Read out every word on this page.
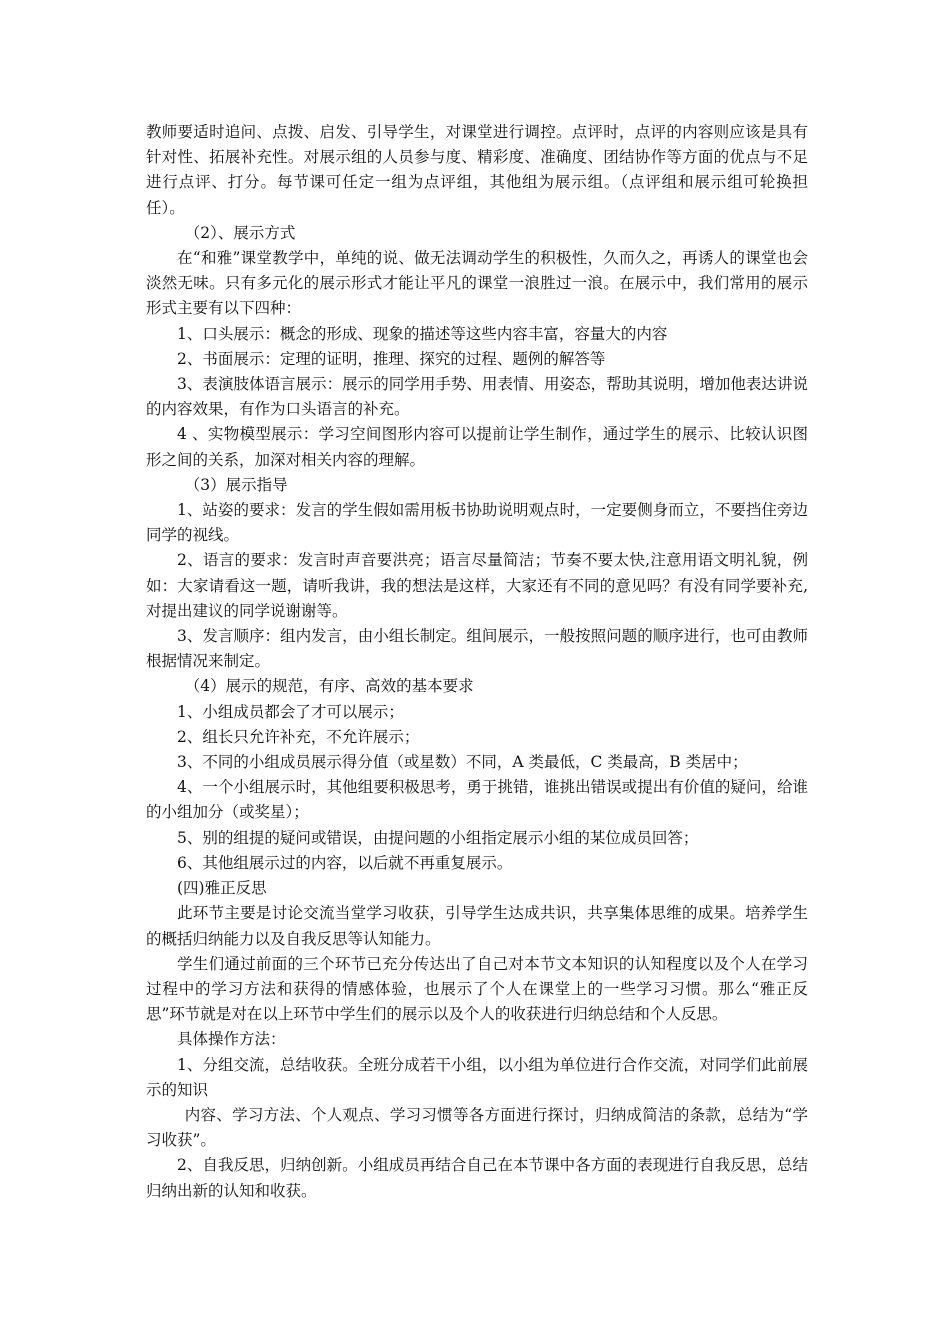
教师要适时追问、点拨、启发、引导学生，对课堂进行调控。点评时，点评的内容则应该是具有针对性、拓展补充性。对展示组的人员参与度、精彩度、准确度、团结协作等方面的优点与不足进行点评、打分。每节课可任定一组为点评组，其他组为展示组。（点评组和展示组可轮换担任）。

（2）、展示方式

在“和雅”课堂教学中，单纯的说、做无法调动学生的积极性，久而久之，再诱人的课堂也会淡然无味。只有多元化的展示形式才能让平凡的课堂一浪胜过一浪。在展示中，我们常用的展示形式主要有以下四种：

1、口头展示：概念的形成、现象的描述等这些内容丰富，容量大的内容

2、书面展示：定理的证明，推理、探究的过程、题例的解答等

3、表演肢体语言展示：展示的同学用手势、用表情、用姿态，帮助其说明，增加他表达讲说的内容效果，有作为口头语言的补充。

4 、实物模型展示：学习空间图形内容可以提前让学生制作，通过学生的展示、比较认识图形之间的关系，加深对相关内容的理解。

（3）展示指导

1、站姿的要求：发言的学生假如需用板书协助说明观点时，一定要侧身而立，不要挡住旁边同学的视线。

2、语言的要求：发言时声音要洪亮；语言尽量简洁；节奏不要太快,注意用语文明礼貌，例如：大家请看这一题，请听我讲，我的想法是这样，大家还有不同的意见吗？有没有同学要补充,对提出建议的同学说谢谢等。

3、发言顺序：组内发言，由小组长制定。组间展示，一般按照问题的顺序进行，也可由教师根据情况来制定。

（4）展示的规范，有序、高效的基本要求

1、小组成员都会了才可以展示；

2、组长只允许补充，不允许展示；

3、不同的小组成员展示得分值（或星数）不同，A 类最低，C 类最高，B 类居中；

4、一个小组展示时，其他组要积极思考，勇于挑错，谁挑出错误或提出有价值的疑问，给谁的小组加分（或奖星）；

5、别的组提的疑问或错误，由提问题的小组指定展示小组的某位成员回答；

6、其他组展示过的内容，以后就不再重复展示。

(四)雅正反思

此环节主要是讨论交流当堂学习收获，引导学生达成共识，共享集体思维的成果。培养学生的概括归纳能力以及自我反思等认知能力。

学生们通过前面的三个环节已充分传达出了自己对本节文本知识的认知程度以及个人在学习过程中的学习方法和获得的情感体验，也展示了个人在课堂上的一些学习习惯。那么“雅正反思”环节就是对在以上环节中学生们的展示以及个人的收获进行归纳总结和个人反思。

具体操作方法：

1、分组交流，总结收获。全班分成若干小组，以小组为单位进行合作交流，对同学们此前展示的知识

内容、学习方法、个人观点、学习习惯等各方面进行探讨，归纳成简洁的条款，总结为“学习收获”。

2、自我反思，归纳创新。小组成员再结合自己在本节课中各方面的表现进行自我反思，总结归纳出新的认知和收获。
